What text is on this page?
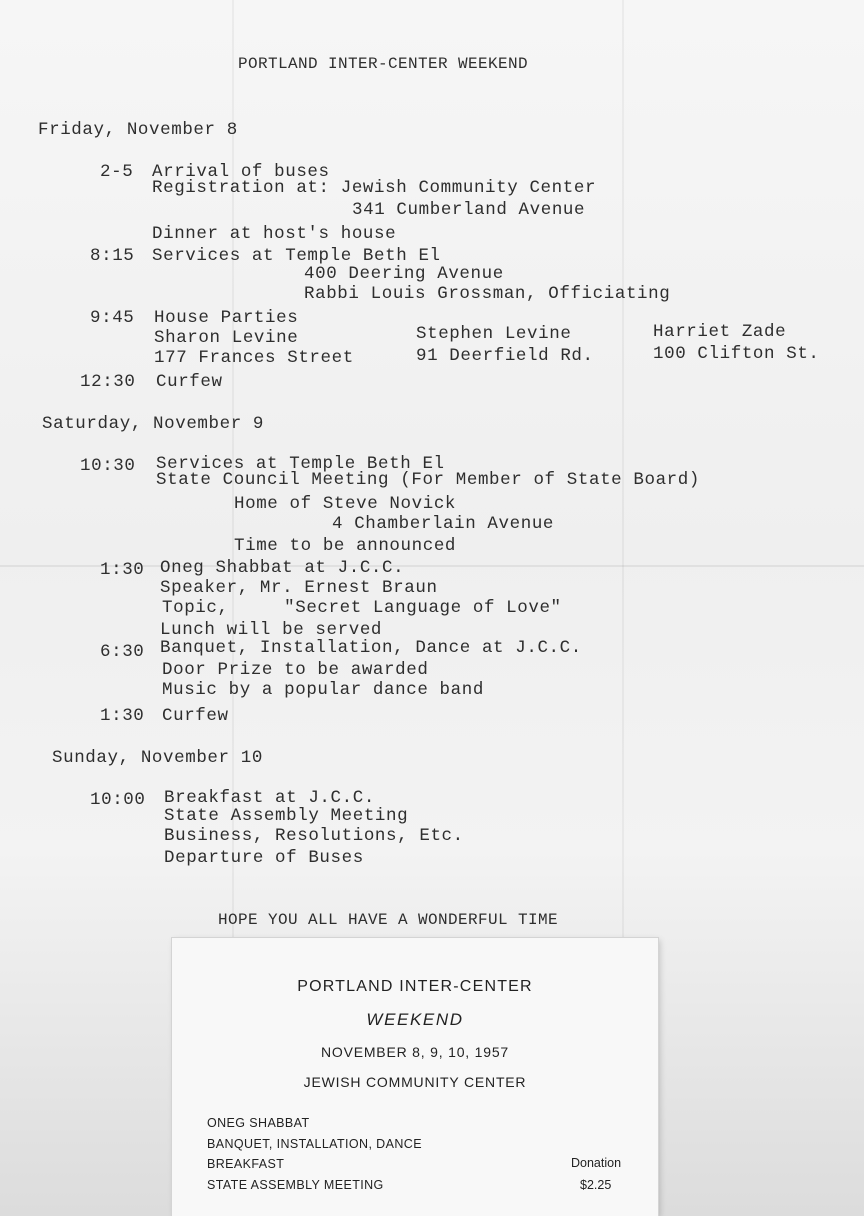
PORTLAND INTER-CENTER WEEKEND
Friday, November 8
2-5 Arrival of buses
Registration at: Jewish Community Center
341 Cumberland Avenue
Dinner at host's house
8:15 Services at Temple Beth El
400 Deering Avenue
Rabbi Louis Grossman, Officiating
9:45 House Parties
Sharon Levine
177 Frances Street
Stephen Levine
91 Deerfield Rd.
Harriet Zade
100 Clifton St.
12:30 Curfew
Saturday, November 9
10:30 Services at Temple Beth El
State Council Meeting (For Member of State Board)
Home of Steve Novick
4 Chamberlain Avenue
Time to be announced
1:30 Oneg Shabbat at J.C.C.
Speaker, Mr. Ernest Braun
Topic,     "Secret Language of Love"
Lunch will be served
6:30 Banquet, Installation, Dance at J.C.C.
Door Prize to be awarded
Music by a popular dance band
1:30 Curfew
Sunday, November 10
10:00 Breakfast at J.C.C.
State Assembly Meeting
Business, Resolutions, Etc.
Departure of Buses
HOPE YOU ALL HAVE A WONDERFUL TIME
PORTLAND INTER-CENTER
WEEKEND
NOVEMBER 8, 9, 10, 1957
JEWISH COMMUNITY CENTER
ONEG SHABBAT
BANQUET, INSTALLATION, DANCE
BREAKFAST
STATE ASSEMBLY MEETING
Donation
$2.25
